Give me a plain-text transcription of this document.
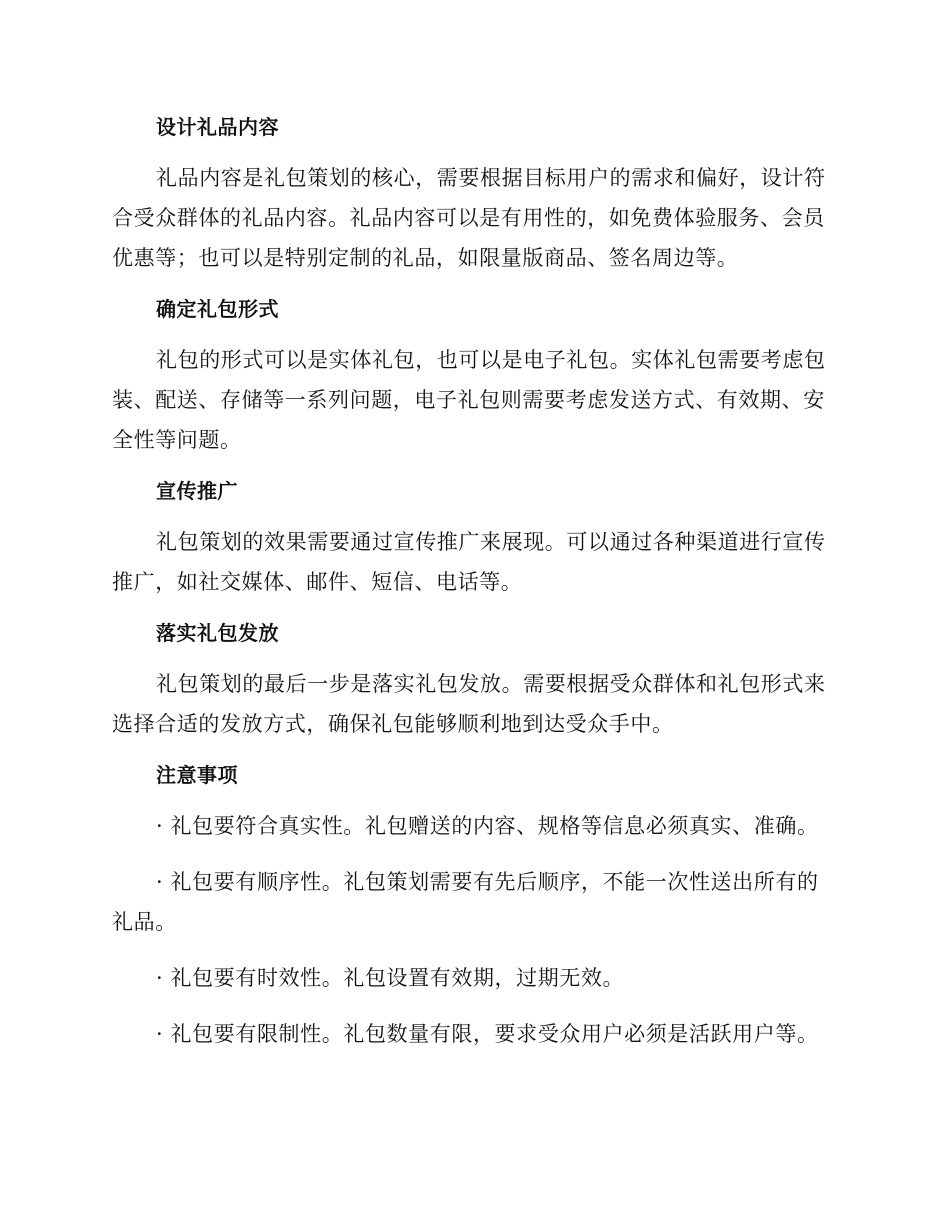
设计礼品内容

礼品内容是礼包策划的核心，需要根据目标用户的需求和偏好，设计符合受众群体的礼品内容。礼品内容可以是有用性的，如免费体验服务、会员优惠等；也可以是特别定制的礼品，如限量版商品、签名周边等。

确定礼包形式

礼包的形式可以是实体礼包，也可以是电子礼包。实体礼包需要考虑包装、配送、存储等一系列问题，电子礼包则需要考虑发送方式、有效期、安全性等问题。

宣传推广

礼包策划的效果需要通过宣传推广来展现。可以通过各种渠道进行宣传推广，如社交媒体、邮件、短信、电话等。

落实礼包发放

礼包策划的最后一步是落实礼包发放。需要根据受众群体和礼包形式来选择合适的发放方式，确保礼包能够顺利地到达受众手中。

注意事项

· 礼包要符合真实性。礼包赠送的内容、规格等信息必须真实、准确。

· 礼包要有顺序性。礼包策划需要有先后顺序，不能一次性送出所有的礼品。

· 礼包要有时效性。礼包设置有效期，过期无效。

· 礼包要有限制性。礼包数量有限，要求受众用户必须是活跃用户等。
